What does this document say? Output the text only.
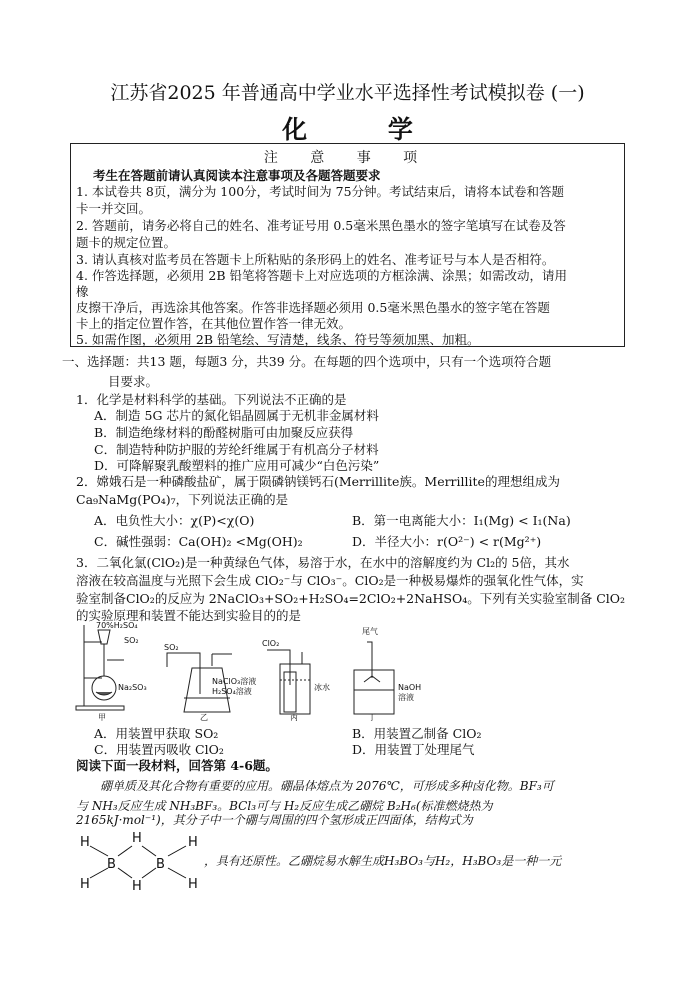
江苏省2025 年普通高中学业水平选择性考试模拟卷 (一)
化 学
注 意 事 项
考生在答题前请认真阅读本注意事项及各题答题要求
1. 本试卷共 8页，满分为 100分，考试时间为 75分钟。考试结束后，请将本试卷和答题
卡一并交回。
2. 答题前，请务必将自己的姓名、准考证号用 0.5毫米黑色墨水的签字笔填写在试卷及答
题卡的规定位置。
3. 请认真核对监考员在答题卡上所粘贴的条形码上的姓名、准考证号与本人是否相符。
4. 作答选择题，必须用 2B 铅笔将答题卡上对应选项的方框涂满、涂黑；如需改动，请用
橡
皮擦干净后，再选涂其他答案。作答非选择题必须用 0.5毫米黑色墨水的签字笔在答题
卡上的指定位置作答，在其他位置作答一律无效。
5. 如需作图，必须用 2B 铅笔绘、写清楚，线条、符号等须加黑、加粗。
一、选择题：共13 题，每题3 分，共39 分。在每题的四个选项中，只有一个选项符合题
目要求。
1．化学是材料科学的基础。下列说法不正确的是
A．制造 5G 芯片的氮化铝晶圆属于无机非金属材料
B．制造绝缘材料的酚醛树脂可由加聚反应获得
C．制造特种防护服的芳纶纤维属于有机高分子材料
D．可降解聚乳酸塑料的推广应用可减少“白色污染”
2．嫦娥石是一种磷酸盐矿，属于陨磷钠镁钙石(Merrillite族。Merrillite的理想组成为
Ca₉NaMg(PO₄)₇，下列说法正确的是
A．电负性大小：χ(P)<χ(O)	B．第一电离能大小：I₁(Mg) < I₁(Na)
C．碱性强弱：Ca(OH)₂ <Mg(OH)₂	D．半径大小：r(O²⁻) < r(Mg²⁺)
3．二氧化氯(ClO₂)是一种黄绿色气体，易溶于水，在水中的溶解度约为 Cl₂的 5倍，其水
溶液在较高温度与光照下会生成 ClO₂⁻与 ClO₃⁻。ClO₂是一种极易爆炸的强氧化性气体，实
验室制备ClO₂的反应为 2NaClO₃+SO₂+H₂SO₄=2ClO₂+2NaHSO₄。下列有关实验室制备 ClO₂
的实验原理和装置不能达到实验目的的是
70%H₂SO₄
SO₂
Na₂SO₃
甲
SO₂
NaClO₃溶液
H₂SO₄溶液
乙
ClO₂
冰水
丙
尾气
NaOH
溶液
丁
A．用装置甲获取 SO₂	B．用装置乙制备 ClO₂
C．用装置丙吸收 ClO₂	D．用装置丁处理尾气
阅读下面一段材料，回答第 4-6题。
硼单质及其化合物有重要的应用。硼晶体熔点为 2076℃，可形成多种卤化物。BF₃可
与 NH₃反应生成 NH₃BF₃。BCl₃可与 H₂反应生成乙硼烷 B₂H₆(标准燃烧热为
2165kJ·mol⁻¹)，其分子中一个硼与周围的四个氢形成正四面体，结构式为
H
H
B
H
H
B
H
H
，具有还原性。乙硼烷易水解生成H₃BO₃与H₂，H₃BO₃是一种一元
